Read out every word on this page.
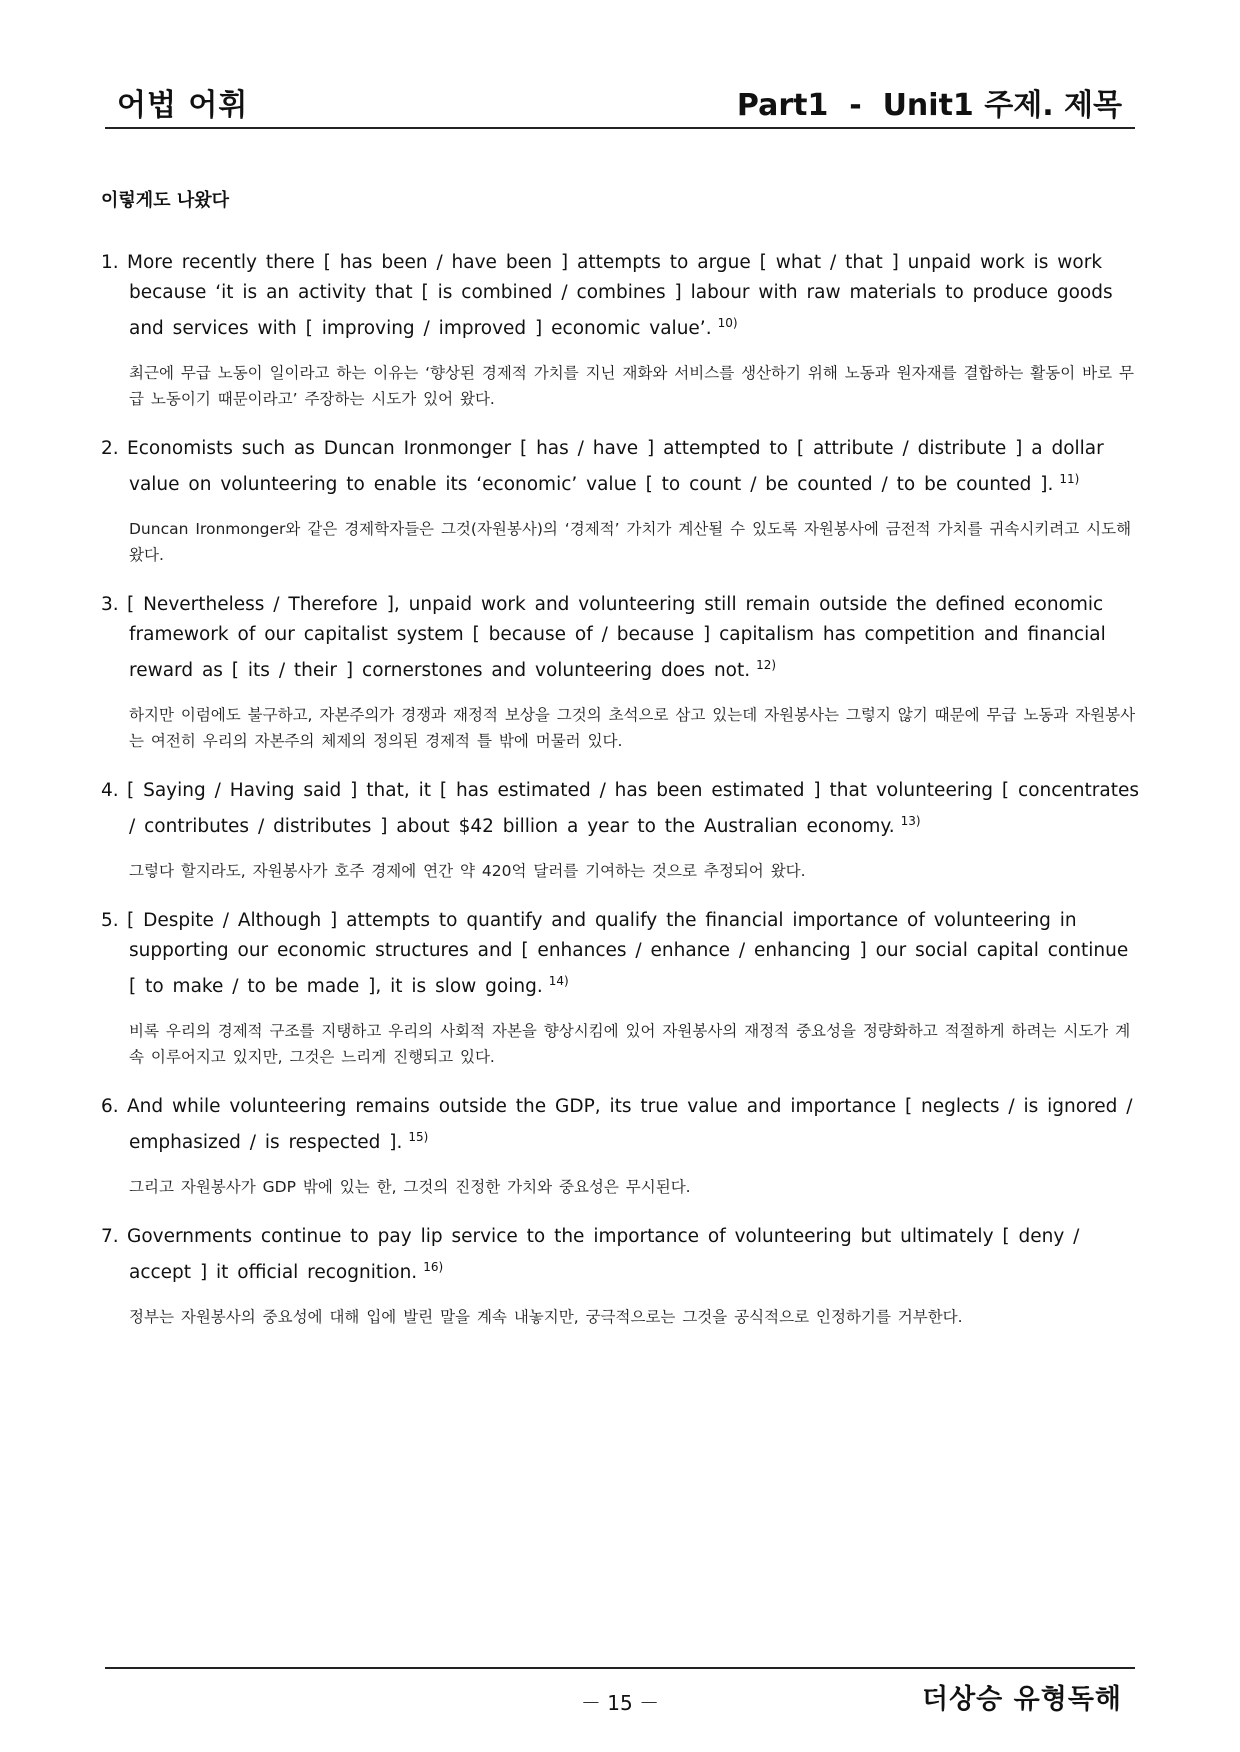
어법 어휘	Part1  -  Unit1 주제. 제목
이렇게도 나왔다
1. More recently there [ has been / have been ] attempts to argue [ what / that ] unpaid work is work because ‘it is an activity that [ is combined / combines ] labour with raw materials to produce goods and services with [ improving / improved ] economic value’. $^{10)}$
최근에 무급 노동이 일이라고 하는 이유는 ‘향상된 경제적 가치를 지닌 재화와 서비스를 생산하기 위해 노동과 원자재를 결합하는 활동이 바로 무급 노동이기 때문이라고’ 주장하는 시도가 있어 왔다.
2. Economists such as Duncan Ironmonger [ has / have ] attempted to [ attribute / distribute ] a dollar value on volunteering to enable its ‘economic’ value [ to count / be counted / to be counted ]. $^{11)}$
Duncan Ironmonger와 같은 경제학자들은 그것(자원봉사)의 ‘경제적’ 가치가 계산될 수 있도록 자원봉사에 금전적 가치를 귀속시키려고 시도해 왔다.
3. [ Nevertheless / Therefore ], unpaid work and volunteering still remain outside the defined economic framework of our capitalist system [ because of / because ] capitalism has competition and financial reward as [ its / their ] cornerstones and volunteering does not. $^{12)}$
하지만 이럼에도 불구하고, 자본주의가 경쟁과 재정적 보상을 그것의 초석으로 삼고 있는데 자원봉사는 그렇지 않기 때문에 무급 노동과 자원봉사는 여전히 우리의 자본주의 체제의 정의된 경제적 틀 밖에 머물러 있다.
4. [ Saying / Having said ] that, it [ has estimated / has been estimated ] that volunteering [ concentrates / contributes / distributes ] about $42 billion a year to the Australian economy. $^{13)}$
그렇다 할지라도, 자원봉사가 호주 경제에 연간 약 420억 달러를 기여하는 것으로 추정되어 왔다.
5. [ Despite / Although ] attempts to quantify and qualify the financial importance of volunteering in supporting our economic structures and [ enhances / enhance / enhancing ] our social capital continue [ to make / to be made ], it is slow going. $^{14)}$
비록 우리의 경제적 구조를 지탱하고 우리의 사회적 자본을 향상시킴에 있어 자원봉사의 재정적 중요성을 정량화하고 적절하게 하려는 시도가 계속 이루어지고 있지만, 그것은 느리게 진행되고 있다.
6. And while volunteering remains outside the GDP, its true value and importance [ neglects / is ignored / emphasized / is respected ]. $^{15)}$
그리고 자원봉사가 GDP 밖에 있는 한, 그것의 진정한 가치와 중요성은 무시된다.
7. Governments continue to pay lip service to the importance of volunteering but ultimately [ deny / accept ] it official recognition. $^{16)}$
정부는 자원봉사의 중요성에 대해 입에 발린 말을 계속 내놓지만, 궁극적으로는 그것을 공식적으로 인정하기를 거부한다.
－ 15 －	더상승 유형독해
